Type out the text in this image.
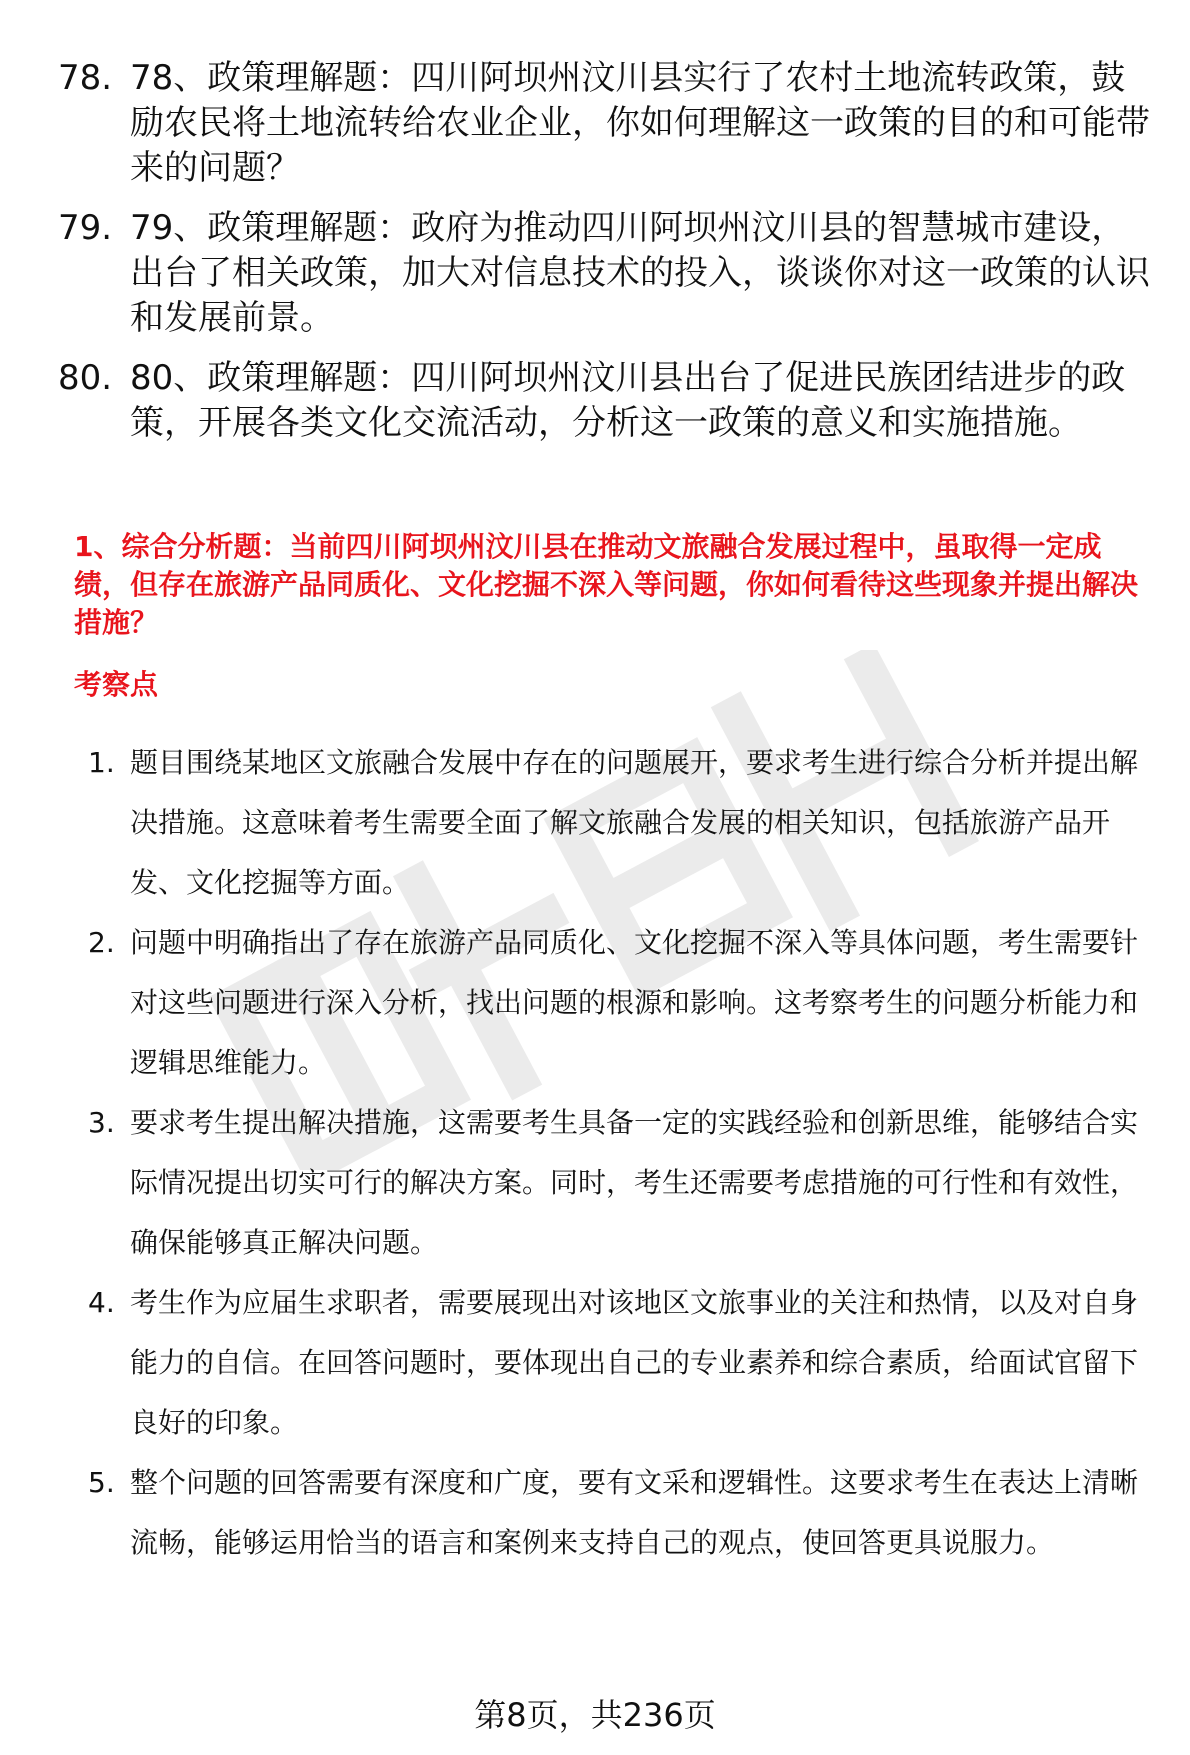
78. 78、政策理解题：四川阿坝州汶川县实行了农村土地流转政策，鼓励农民将土地流转给农业企业，你如何理解这一政策的目的和可能带来的问题？
79. 79、政策理解题：政府为推动四川阿坝州汶川县的智慧城市建设，出台了相关政策，加大对信息技术的投入，谈谈你对这一政策的认识和发展前景。
80. 80、政策理解题：四川阿坝州汶川县出台了促进民族团结进步的政策，开展各类文化交流活动，分析这一政策的意义和实施措施。
1、综合分析题：当前四川阿坝州汶川县在推动文旅融合发展过程中，虽取得一定成绩，但存在旅游产品同质化、文化挖掘不深入等问题，你如何看待这些现象并提出解决措施？
考察点
1. 题目围绕某地区文旅融合发展中存在的问题展开，要求考生进行综合分析并提出解决措施。这意味着考生需要全面了解文旅融合发展的相关知识，包括旅游产品开发、文化挖掘等方面。
2. 问题中明确指出了存在旅游产品同质化、文化挖掘不深入等具体问题，考生需要针对这些问题进行深入分析，找出问题的根源和影响。这考察考生的问题分析能力和逻辑思维能力。
3. 要求考生提出解决措施，这需要考生具备一定的实践经验和创新思维，能够结合实际情况提出切实可行的解决方案。同时，考生还需要考虑措施的可行性和有效性，确保能够真正解决问题。
4. 考生作为应届生求职者，需要展现出对该地区文旅事业的关注和热情，以及对自身能力的自信。在回答问题时，要体现出自己的专业素养和综合素质，给面试官留下良好的印象。
5. 整个问题的回答需要有深度和广度，要有文采和逻辑性。这要求考生在表达上清晰流畅，能够运用恰当的语言和案例来支持自己的观点，使回答更具说服力。
第8页，共236页
